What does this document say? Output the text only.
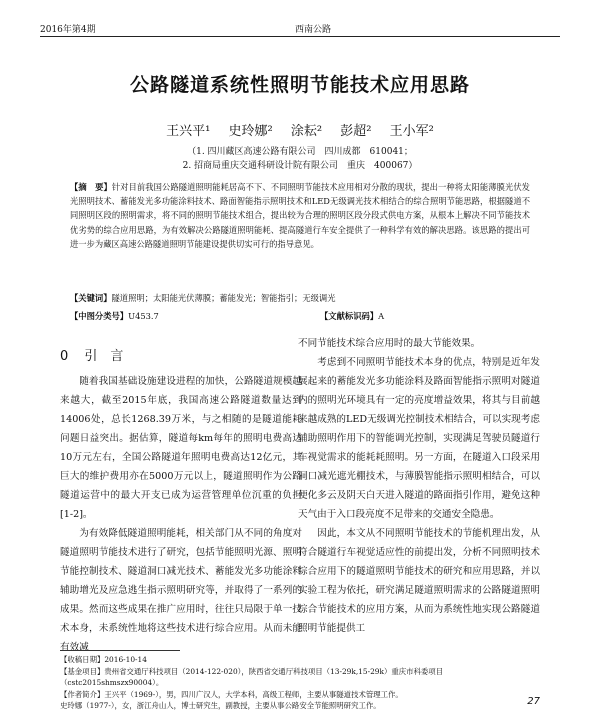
2016年第4期	西南公路
公路隧道系统性照明节能技术应用思路
王兴平¹ 史玲娜² 涂耘² 彭超² 王小军²
（1. 四川藏区高速公路有限公司　四川成都　610041；
2. 招商局重庆交通科研设计院有限公司　重庆　400067）
【摘　要】针对目前我国公路隧道照明能耗居高不下、不同照明节能技术应用相对分散的现状，提出一种将太阳能薄膜光伏发光照明技术、蓄能发光多功能涂料技术、路面智能指示照明技术和LED无级调光技术相结合的综合照明节能思路，根据隧道不同照明区段的照明需求，将不同的照明节能技术组合，提出较为合理的照明区段分段式供电方案，从根本上解决不同节能技术优劣势的综合应用思路，为有效解决公路隧道照明能耗、提高隧道行车安全提供了一种科学有效的解决思路。该思路的提出可进一步为藏区高速公路隧道照明节能建设提供切实可行的指导意见。
【关键词】隧道照明；太阳能光伏薄膜；蓄能发光；智能指引；无级调光
【中图分类号】U453.7	【文献标识码】A
0 引　言

随着我国基础设施建设进程的加快，公路隧道规模越来越大，截至2015年底，我国高速公路隧道数量达到14006处，总长1268.39万米，与之相随的是隧道能耗问题日益突出。据估算，隧道每km每年的照明电费高达10万元左右，全国公路隧道年照明电费高达12亿元，其巨大的维护费用亦在5000万元以上，隧道照明作为公路隧道运营中的最大开支已成为运营管理单位沉重的负担[1-2]。

为有效降低隧道照明能耗，相关部门从不同的角度对隧道照明节能技术进行了研究，包括节能照明光源、照明节能控制技术、隧道洞口减光技术、蓄能发光多功能涂料辅助增光及应急逃生指示照明研究等，并取得了一系列的成果。然而这些成果在推广应用时，往往只局限于单一技术本身，未系统性地将这些技术进行综合应用。从而未能有效减

不同节能技术综合应用时的最大节能效果。

考虑到不同照明节能技术本身的优点，特别是近年发展起来的蓄能发光多功能涂料及路面智能指示照明对隧道内的照明光环境具有一定的亮度增益效果，将其与目前越来越成熟的LED无级调光控制技术相结合，可以实现考虑辅助照明作用下的智能调光控制，实现满足驾驶员隧道行车视觉需求的能耗耗照明。另一方面，在隧道入口段采用洞口减光遮光棚技术，与薄膜智能指示照明相结合，可以便化多云及阴天白天进入隧道的路面指引作用，避免这种天气由于入口段亮度不足带来的交通安全隐患。

因此，本文从不同照明节能技术的节能机理出发，从符合隧道行车视觉适应性的前提出发，分析不同照明技术综合应用下的隧道照明节能技术的研究和应用思路，并以实验工程为依托，研究满足隧道照明需求的公路隧道照明综合节能技术的应用方案，从而为系统性地实现公路隧道照明节能提供工

【收稿日期】2016-10-14
【基金项目】贵州省交通厅科技项目（2014-122-020），陕西省交通厅科技项目（13-29k,15-29k）重庆市科委项目（cstc2015shmszx90004）。
【作者简介】王兴平（1969-），男，四川广汉人，大学本科，高级工程师，主要从事隧道技术管理工作。
史玲娜（1977-），女，浙江舟山人，博士研究生，副教授，主要从事公路安全节能照明研究工作。	27
